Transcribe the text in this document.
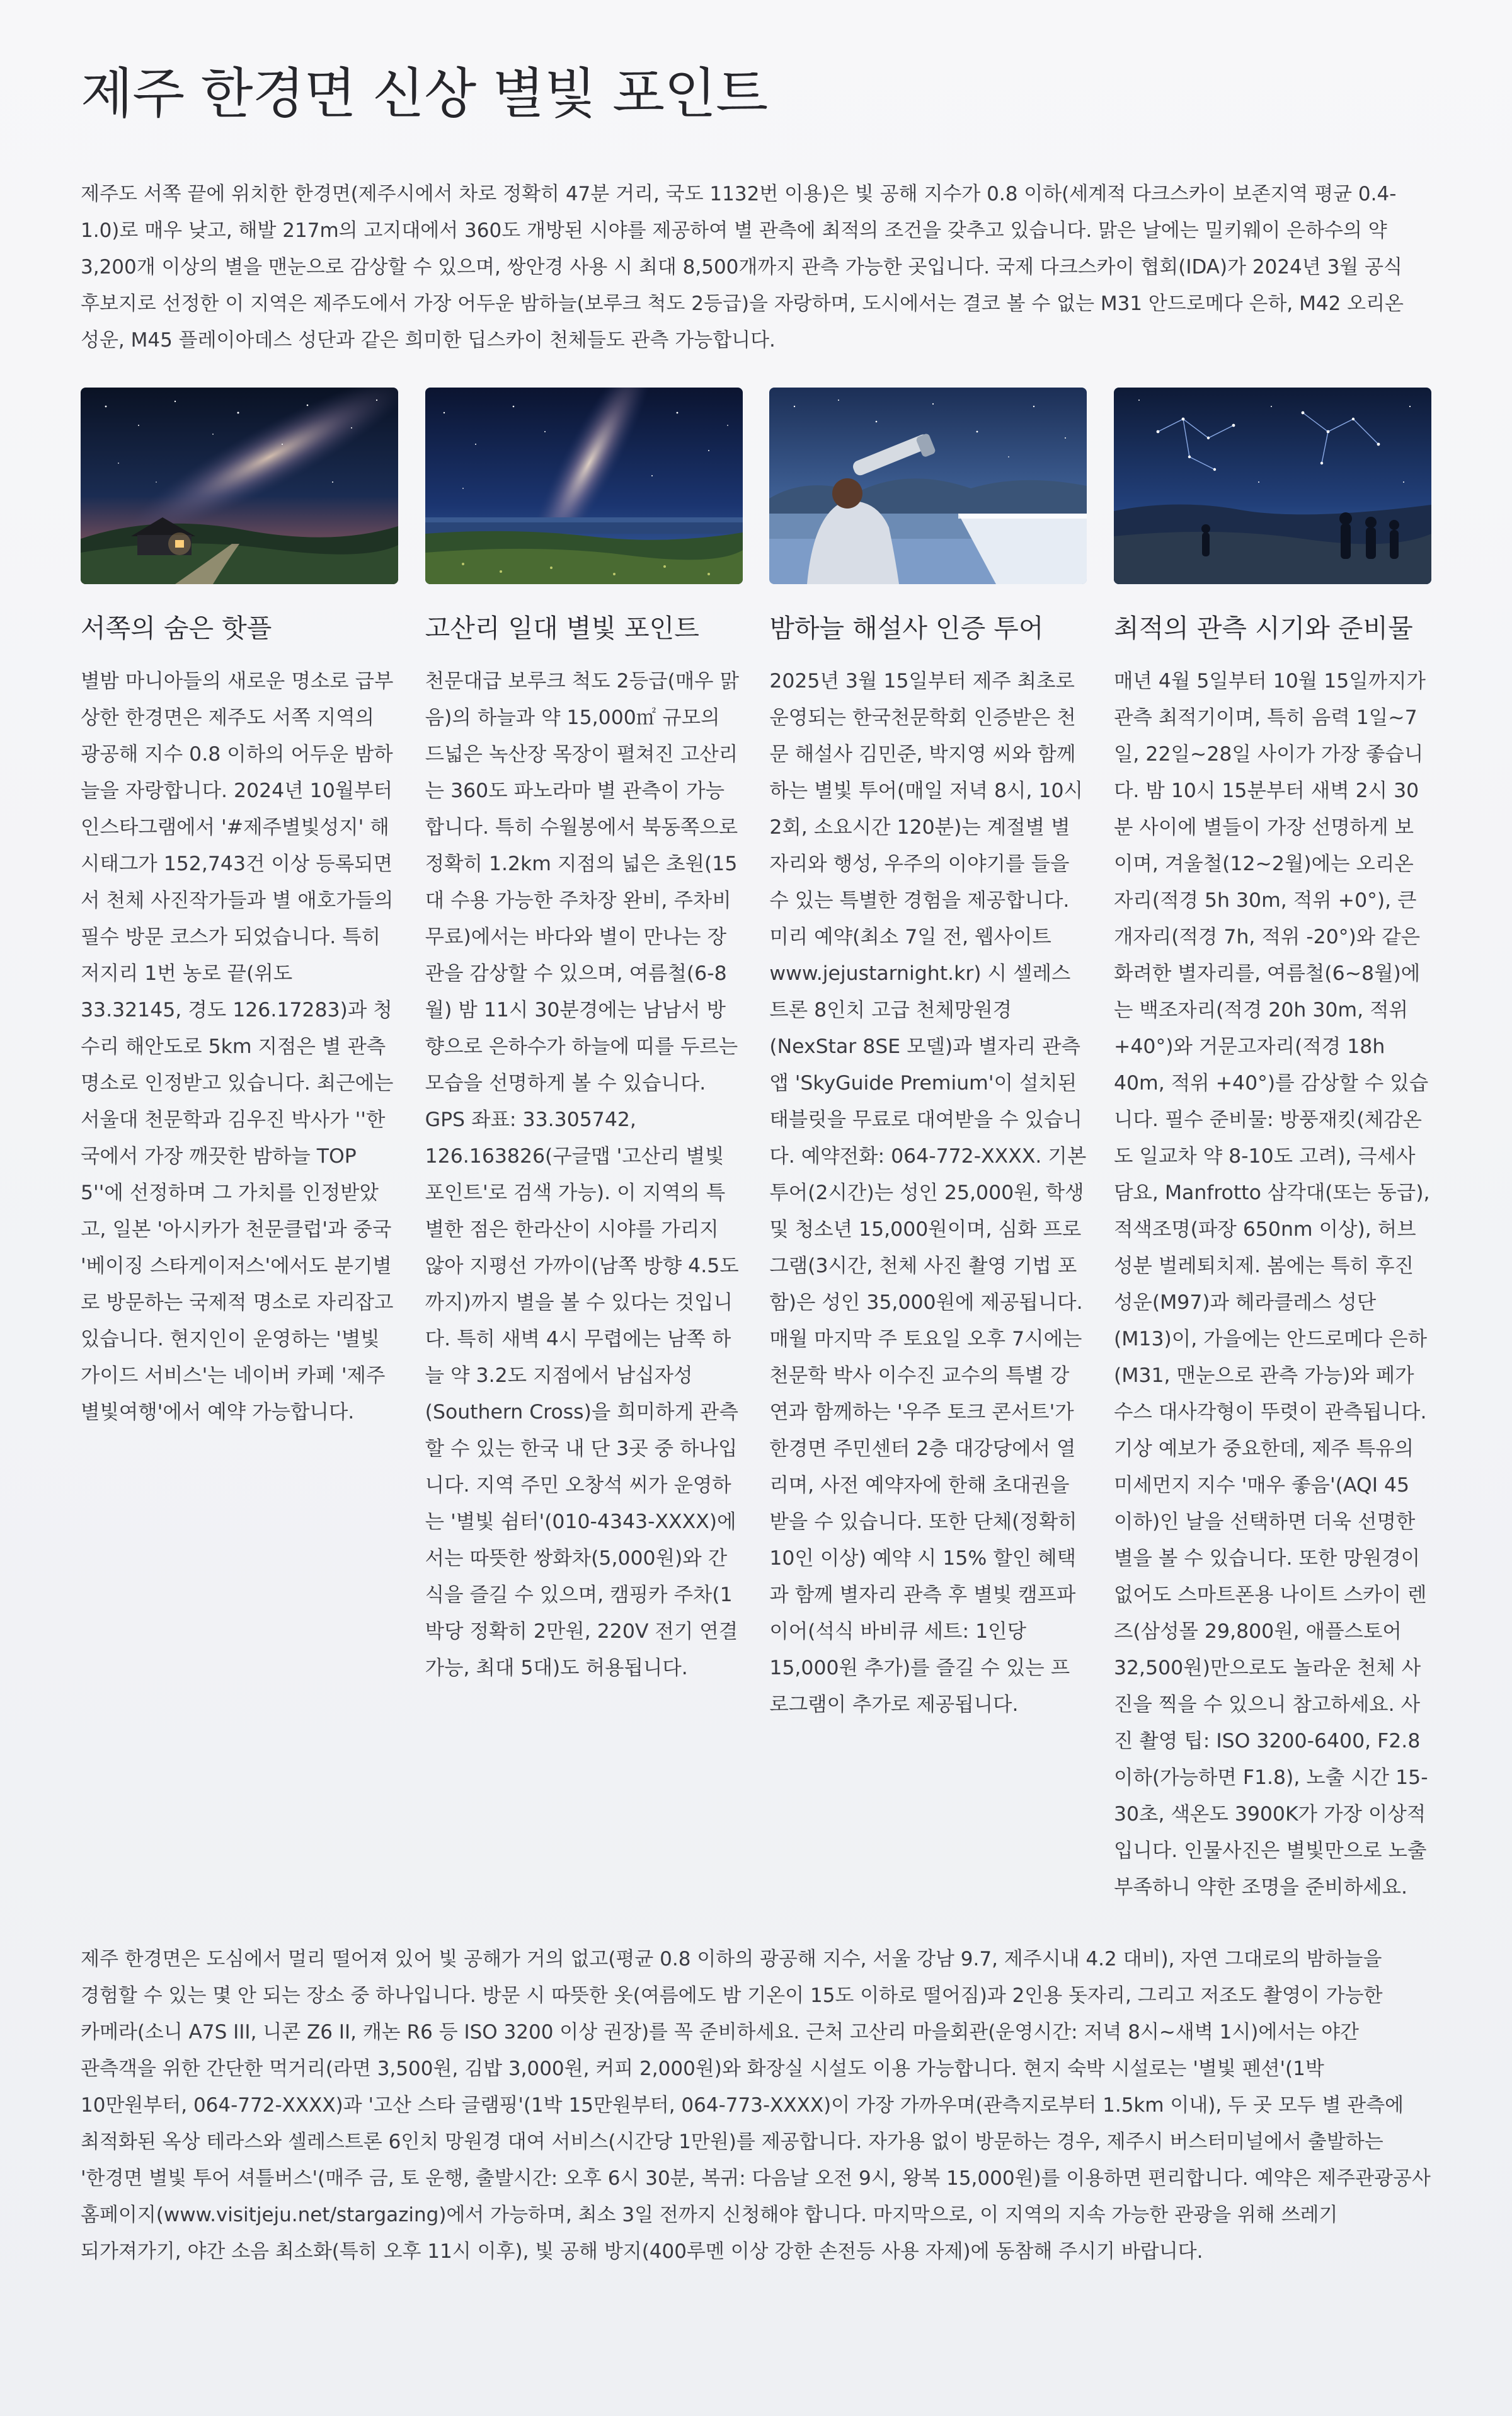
제주 한경면 신상 별빛 포인트

제주도 서쪽 끝에 위치한 한경면(제주시에서 차로 정확히 47분 거리, 국도 1132번 이용)은 빛 공해 지수가 0.8 이하(세계적 다크스카이 보존지역 평균 0.4-1.0)로 매우 낮고, 해발 217m의 고지대에서 360도 개방된 시야를 제공하여 별 관측에 최적의 조건을 갖추고 있습니다. 맑은 날에는 밀키웨이 은하수의 약 3,200개 이상의 별을 맨눈으로 감상할 수 있으며, 쌍안경 사용 시 최대 8,500개까지 관측 가능한 곳입니다. 국제 다크스카이 협회(IDA)가 2024년 3월 공식 후보지로 선정한 이 지역은 제주도에서 가장 어두운 밤하늘(보루크 척도 2등급)을 자랑하며, 도시에서는 결코 볼 수 없는 M31 안드로메다 은하, M42 오리온 성운, M45 플레이아데스 성단과 같은 희미한 딥스카이 천체들도 관측 가능합니다.

서쪽의 숨은 핫플

별밤 마니아들의 새로운 명소로 급부상한 한경면은 제주도 서쪽 지역의 광공해 지수 0.8 이하의 어두운 밤하늘을 자랑합니다. 2024년 10월부터 인스타그램에서 '#제주별빛성지' 해시태그가 152,743건 이상 등록되면서 천체 사진작가들과 별 애호가들의 필수 방문 코스가 되었습니다. 특히 저지리 1번 농로 끝(위도 33.32145, 경도 126.17283)과 청수리 해안도로 5km 지점은 별 관측 명소로 인정받고 있습니다. 최근에는 서울대 천문학과 김우진 박사가 ''한국에서 가장 깨끗한 밤하늘 TOP 5''에 선정하며 그 가치를 인정받았고, 일본 '아시카가 천문클럽'과 중국 '베이징 스타게이저스'에서도 분기별로 방문하는 국제적 명소로 자리잡고 있습니다. 현지인이 운영하는 '별빛 가이드 서비스'는 네이버 카페 '제주별빛여행'에서 예약 가능합니다.

고산리 일대 별빛 포인트

천문대급 보루크 척도 2등급(매우 맑음)의 하늘과 약 15,000㎡ 규모의 드넓은 녹산장 목장이 펼쳐진 고산리는 360도 파노라마 별 관측이 가능합니다. 특히 수월봉에서 북동쪽으로 정확히 1.2km 지점의 넓은 초원(15대 수용 가능한 주차장 완비, 주차비 무료)에서는 바다와 별이 만나는 장관을 감상할 수 있으며, 여름철(6-8월) 밤 11시 30분경에는 남남서 방향으로 은하수가 하늘에 띠를 두르는 모습을 선명하게 볼 수 있습니다. GPS 좌표: 33.305742, 126.163826(구글맵 '고산리 별빛 포인트'로 검색 가능). 이 지역의 특별한 점은 한라산이 시야를 가리지 않아 지평선 가까이(남쪽 방향 4.5도까지)까지 별을 볼 수 있다는 것입니다. 특히 새벽 4시 무렵에는 남쪽 하늘 약 3.2도 지점에서 남십자성(Southern Cross)을 희미하게 관측할 수 있는 한국 내 단 3곳 중 하나입니다. 지역 주민 오창석 씨가 운영하는 '별빛 쉼터'(010-4343-XXXX)에서는 따뜻한 쌍화차(5,000원)와 간식을 즐길 수 있으며, 캠핑카 주차(1박당 정확히 2만원, 220V 전기 연결 가능, 최대 5대)도 허용됩니다.

밤하늘 해설사 인증 투어

2025년 3월 15일부터 제주 최초로 운영되는 한국천문학회 인증받은 천문 해설사 김민준, 박지영 씨와 함께하는 별빛 투어(매일 저녁 8시, 10시 2회, 소요시간 120분)는 계절별 별자리와 행성, 우주의 이야기를 들을 수 있는 특별한 경험을 제공합니다. 미리 예약(최소 7일 전, 웹사이트 www.jejustarnight.kr) 시 셀레스트론 8인치 고급 천체망원경(NexStar 8SE 모델)과 별자리 관측 앱 'SkyGuide Premium'이 설치된 태블릿을 무료로 대여받을 수 있습니다. 예약전화: 064-772-XXXX. 기본 투어(2시간)는 성인 25,000원, 학생 및 청소년 15,000원이며, 심화 프로그램(3시간, 천체 사진 촬영 기법 포함)은 성인 35,000원에 제공됩니다. 매월 마지막 주 토요일 오후 7시에는 천문학 박사 이수진 교수의 특별 강연과 함께하는 '우주 토크 콘서트'가 한경면 주민센터 2층 대강당에서 열리며, 사전 예약자에 한해 초대권을 받을 수 있습니다. 또한 단체(정확히 10인 이상) 예약 시 15% 할인 혜택과 함께 별자리 관측 후 별빛 캠프파이어(석식 바비큐 세트: 1인당 15,000원 추가)를 즐길 수 있는 프로그램이 추가로 제공됩니다.

최적의 관측 시기와 준비물

매년 4월 5일부터 10월 15일까지가 관측 최적기이며, 특히 음력 1일~7일, 22일~28일 사이가 가장 좋습니다. 밤 10시 15분부터 새벽 2시 30분 사이에 별들이 가장 선명하게 보이며, 겨울철(12~2월)에는 오리온자리(적경 5h 30m, 적위 +0°), 큰개자리(적경 7h, 적위 -20°)와 같은 화려한 별자리를, 여름철(6~8월)에는 백조자리(적경 20h 30m, 적위 +40°)와 거문고자리(적경 18h 40m, 적위 +40°)를 감상할 수 있습니다. 필수 준비물: 방풍재킷(체감온도 일교차 약 8-10도 고려), 극세사 담요, Manfrotto 삼각대(또는 동급), 적색조명(파장 650nm 이상), 허브성분 벌레퇴치제. 봄에는 특히 후진성운(M97)과 헤라클레스 성단(M13)이, 가을에는 안드로메다 은하(M31, 맨눈으로 관측 가능)와 페가수스 대사각형이 뚜렷이 관측됩니다. 기상 예보가 중요한데, 제주 특유의 미세먼지 지수 '매우 좋음'(AQI 45 이하)인 날을 선택하면 더욱 선명한 별을 볼 수 있습니다. 또한 망원경이 없어도 스마트폰용 나이트 스카이 렌즈(삼성몰 29,800원, 애플스토어 32,500원)만으로도 놀라운 천체 사진을 찍을 수 있으니 참고하세요. 사진 촬영 팁: ISO 3200-6400, F2.8 이하(가능하면 F1.8), 노출 시간 15-30초, 색온도 3900K가 가장 이상적입니다. 인물사진은 별빛만으로 노출 부족하니 약한 조명을 준비하세요.

제주 한경면은 도심에서 멀리 떨어져 있어 빛 공해가 거의 없고(평균 0.8 이하의 광공해 지수, 서울 강남 9.7, 제주시내 4.2 대비), 자연 그대로의 밤하늘을 경험할 수 있는 몇 안 되는 장소 중 하나입니다. 방문 시 따뜻한 옷(여름에도 밤 기온이 15도 이하로 떨어짐)과 2인용 돗자리, 그리고 저조도 촬영이 가능한 카메라(소니 A7S III, 니콘 Z6 II, 캐논 R6 등 ISO 3200 이상 권장)를 꼭 준비하세요. 근처 고산리 마을회관(운영시간: 저녁 8시~새벽 1시)에서는 야간 관측객을 위한 간단한 먹거리(라면 3,500원, 김밥 3,000원, 커피 2,000원)와 화장실 시설도 이용 가능합니다. 현지 숙박 시설로는 '별빛 펜션'(1박 10만원부터, 064-772-XXXX)과 '고산 스타 글램핑'(1박 15만원부터, 064-773-XXXX)이 가장 가까우며(관측지로부터 1.5km 이내), 두 곳 모두 별 관측에 최적화된 옥상 테라스와 셀레스트론 6인치 망원경 대여 서비스(시간당 1만원)를 제공합니다. 자가용 없이 방문하는 경우, 제주시 버스터미널에서 출발하는 '한경면 별빛 투어 셔틀버스'(매주 금, 토 운행, 출발시간: 오후 6시 30분, 복귀: 다음날 오전 9시, 왕복 15,000원)를 이용하면 편리합니다. 예약은 제주관광공사 홈페이지(www.visitjeju.net/stargazing)에서 가능하며, 최소 3일 전까지 신청해야 합니다. 마지막으로, 이 지역의 지속 가능한 관광을 위해 쓰레기 되가져가기, 야간 소음 최소화(특히 오후 11시 이후), 빛 공해 방지(400루멘 이상 강한 손전등 사용 자제)에 동참해 주시기 바랍니다.
